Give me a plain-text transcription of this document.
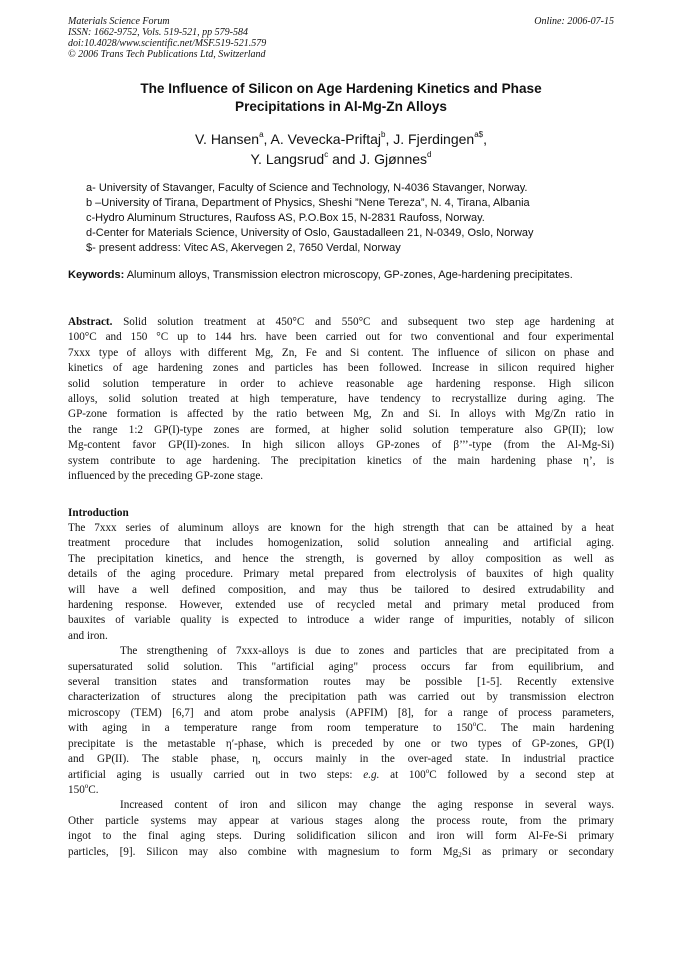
Materials Science Forum
ISSN: 1662-9752, Vols. 519-521, pp 579-584
doi:10.4028/www.scientific.net/MSF.519-521.579
© 2006 Trans Tech Publications Ltd, Switzerland
Online: 2006-07-15
The Influence of Silicon on Age Hardening Kinetics and Phase
Precipitations in Al-Mg-Zn Alloys
V. Hansen$^a$, A. Vevecka-Priftaj$^b$, J. Fjerdingen$^{a\$}$,
Y. Langsrud$^c$ and J. Gjønnes$^d$
a- University of Stavanger, Faculty of Science and Technology, N-4036 Stavanger, Norway.
b –University of Tirana, Department of Physics, Sheshi ”Nene Tereza”, N. 4, Tirana, Albania
c-Hydro Aluminum Structures, Raufoss AS, P.O.Box 15, N-2831 Raufoss, Norway.
d-Center for Materials Science, University of Oslo, Gaustadalleen 21, N-0349, Oslo, Norway
$- present address: Vitec AS, Akervegen 2, 7650 Verdal, Norway
Keywords: Aluminum alloys, Transmission electron microscopy, GP-zones, Age-hardening precipitates.
Abstract. Solid solution treatment at 450°C and 550°C and subsequent two step age hardening at
100°C and 150 °C up to 144 hrs. have been carried out for two conventional and four experimental
7xxx type of alloys with different Mg, Zn, Fe and Si content. The influence of silicon on phase and
kinetics of age hardening zones and particles has been followed. Increase in silicon required higher
solid solution temperature in order to achieve reasonable age hardening response. High silicon
alloys, solid solution treated at high temperature, have tendency to recrystallize during aging. The
GP-zone formation is affected by the ratio between Mg, Zn and Si. In alloys with Mg/Zn ratio in
the range 1:2 GP(I)-type zones are formed, at higher solid solution temperature also GP(II); low
Mg-content favor GP(II)-zones. In high silicon alloys GP-zones of β’’’-type (from the Al-Mg-Si)
system contribute to age hardening. The precipitation kinetics of the main hardening phase η’, is
influenced by the preceding GP-zone stage.
Introduction
The 7xxx series of aluminum alloys are known for the high strength that can be attained by a heat
treatment procedure that includes homogenization, solid solution annealing and artificial aging.
The precipitation kinetics, and hence the strength, is governed by alloy composition as well as
details of the aging procedure. Primary metal prepared from electrolysis of bauxites of high quality
will have a well defined composition, and may thus be tailored to desired extrudability and
hardening response. However, extended use of recycled metal and primary metal produced from
bauxites of variable quality is expected to introduce a wider range of impurities, notably of silicon
and iron.
The strengthening of 7xxx-alloys is due to zones and particles that are precipitated from a
supersaturated solid solution. This "artificial aging" process occurs far from equilibrium, and
several transition states and transformation routes may be possible [1-5]. Recently extensive
characterization of structures along the precipitation path was carried out by transmission electron
microscopy (TEM) [6,7] and atom probe analysis (APFIM) [8], for a range of process parameters,
with aging in a temperature range from room temperature to 150$^o$C. The main hardening
precipitate is the metastable η′-phase, which is preceded by one or two types of GP-zones, GP(I)
and GP(II). The stable phase, η, occurs mainly in the over-aged state. In industrial practice
artificial aging is usually carried out in two steps: e.g. at 100$^o$C followed by a second step at
150$^o$C.
Increased content of iron and silicon may change the aging response in several ways.
Other particle systems may appear at various stages along the process route, from the primary
ingot to the final aging steps. During solidification silicon and iron will form Al-Fe-Si primary
particles, [9]. Silicon may also combine with magnesium to form $Mg_2Si$ as primary or secondary
